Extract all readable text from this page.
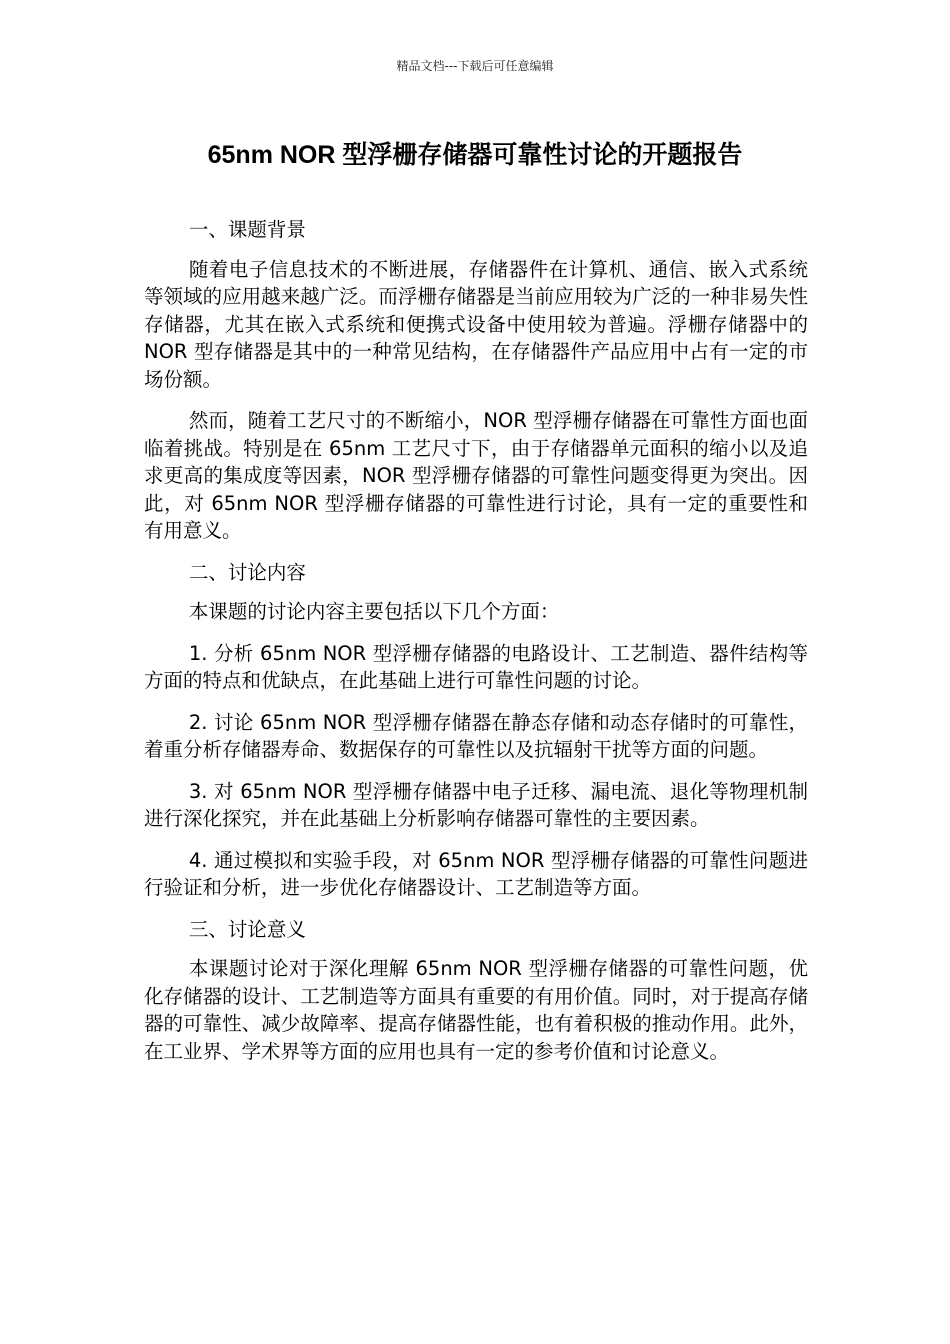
精品文档---下载后可任意编辑
65nm NOR 型浮栅存储器可靠性讨论的开题报告

一、课题背景

随着电子信息技术的不断进展，存储器件在计算机、通信、嵌入式系统等领域的应用越来越广泛。而浮栅存储器是当前应用较为广泛的一种非易失性存储器，尤其在嵌入式系统和便携式设备中使用较为普遍。浮栅存储器中的 NOR 型存储器是其中的一种常见结构，在存储器件产品应用中占有一定的市场份额。

然而，随着工艺尺寸的不断缩小，NOR 型浮栅存储器在可靠性方面也面临着挑战。特别是在 65nm 工艺尺寸下，由于存储器单元面积的缩小以及追求更高的集成度等因素，NOR 型浮栅存储器的可靠性问题变得更为突出。因此，对 65nm NOR 型浮栅存储器的可靠性进行讨论，具有一定的重要性和有用意义。

二、讨论内容

本课题的讨论内容主要包括以下几个方面：

1. 分析 65nm NOR 型浮栅存储器的电路设计、工艺制造、器件结构等方面的特点和优缺点，在此基础上进行可靠性问题的讨论。

2. 讨论 65nm NOR 型浮栅存储器在静态存储和动态存储时的可靠性，着重分析存储器寿命、数据保存的可靠性以及抗辐射干扰等方面的问题。

3. 对 65nm NOR 型浮栅存储器中电子迁移、漏电流、退化等物理机制进行深化探究，并在此基础上分析影响存储器可靠性的主要因素。

4. 通过模拟和实验手段，对 65nm NOR 型浮栅存储器的可靠性问题进行验证和分析，进一步优化存储器设计、工艺制造等方面。

三、讨论意义

本课题讨论对于深化理解 65nm NOR 型浮栅存储器的可靠性问题，优化存储器的设计、工艺制造等方面具有重要的有用价值。同时，对于提高存储器的可靠性、减少故障率、提高存储器性能，也有着积极的推动作用。此外，在工业界、学术界等方面的应用也具有一定的参考价值和讨论意义。
